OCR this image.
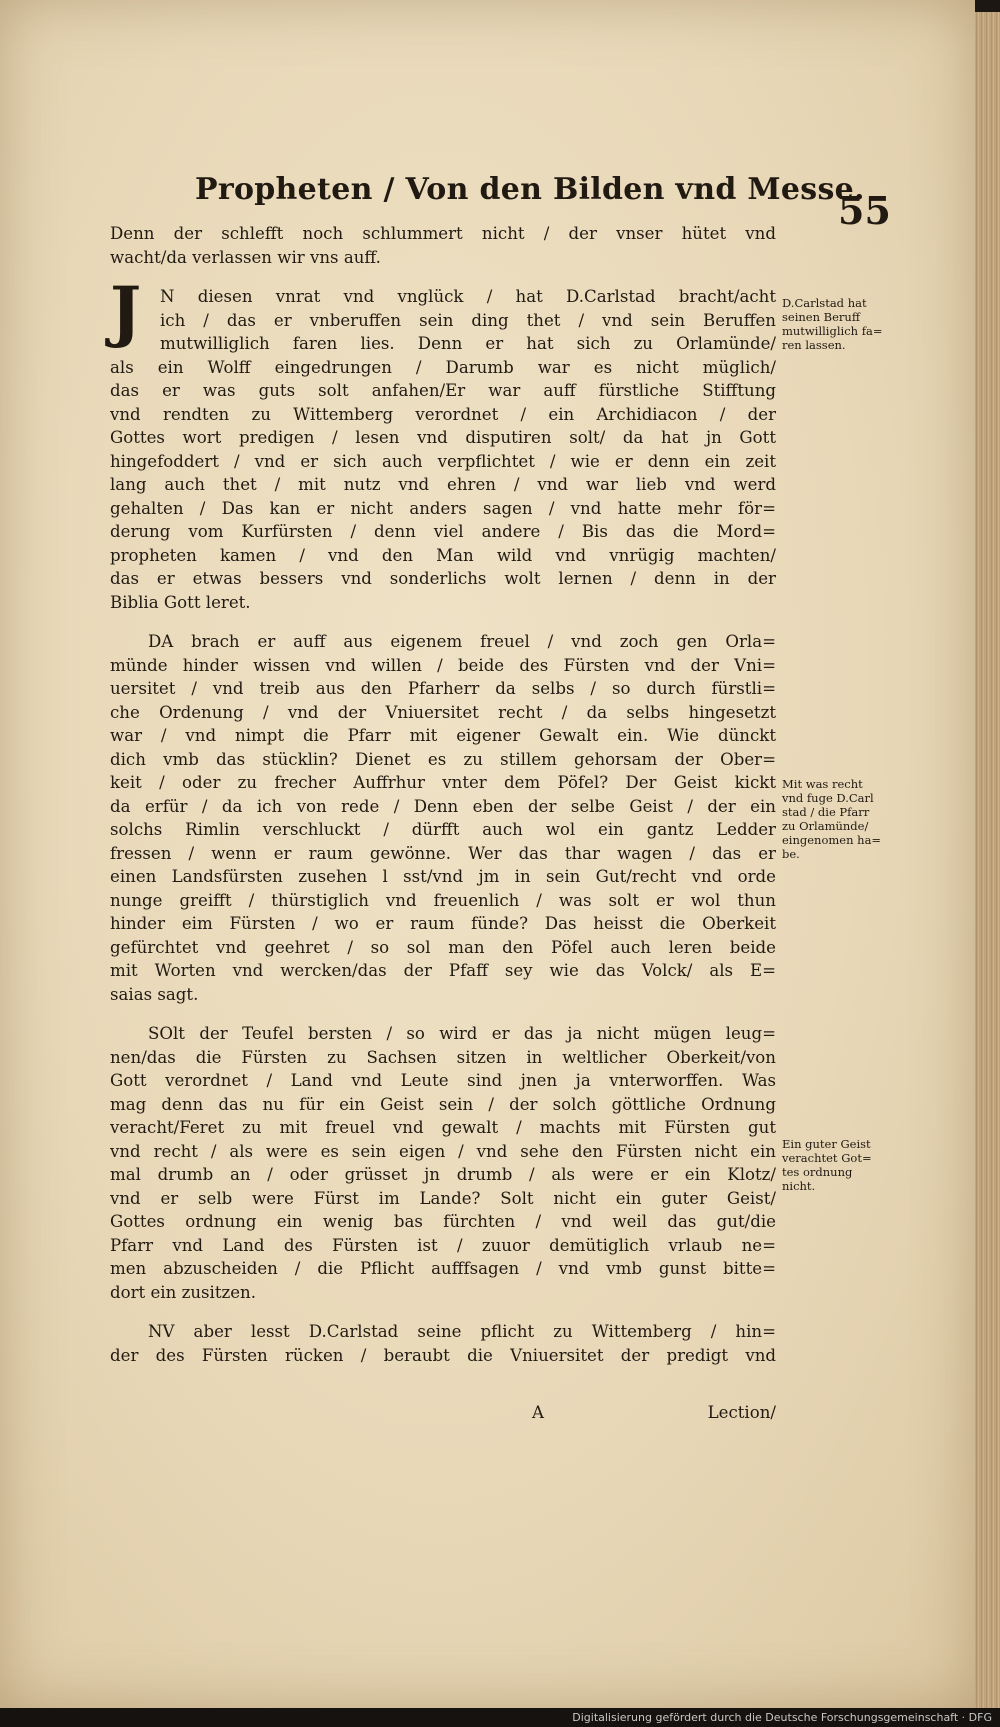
Propheten / Von den Bilden vnd Messe.
55
J
Denn der schlefft noch schlummert nicht / der vnser hütet vnd
wacht/da verlassen wir vns auff.
N diesen vnrat vnd vnglück / hat D.Carlstad bracht/acht
ich / das er vnberuffen sein ding thet / vnd sein Beruffen
mutwilliglich faren lies. Denn er hat sich zu Orlamünde/
als ein Wolff eingedrungen / Darumb war es nicht müglich/
das er was guts solt anfahen/Er war auff fürstliche Stifftung
vnd rendten zu Wittemberg verordnet / ein Archidiacon / der
Gottes wort predigen / lesen vnd disputiren solt/ da hat jn Gott
hingefoddert / vnd er sich auch verpflichtet / wie er denn ein zeit
lang auch thet / mit nutz vnd ehren / vnd war lieb vnd werd
gehalten / Das kan er nicht anders sagen / vnd hatte mehr för=
derung vom Kurfürsten / denn viel andere / Bis das die Mord=
propheten kamen / vnd den Man wild vnd vnrügig machten/
das er etwas bessers vnd sonderlichs wolt lernen / denn in der
Biblia Gott leret.
DA brach er auff aus eigenem freuel / vnd zoch gen Orla=
münde hinder wissen vnd willen / beide des Fürsten vnd der Vni=
uersitet / vnd treib aus den Pfarherr da selbs / so durch fürstli=
che Ordenung / vnd der Vniuersitet recht / da selbs hingesetzt
war / vnd nimpt die Pfarr mit eigener Gewalt ein. Wie dünckt
dich vmb das stücklin? Dienet es zu stillem gehorsam der Ober=
keit / oder zu frecher Auffrhur vnter dem Pöfel? Der Geist kickt
da erfür / da ich von rede / Denn eben der selbe Geist / der ein
solchs Rimlin verschluckt / dürfft auch wol ein gantz Ledder
fressen / wenn er raum gewönne. Wer das thar wagen / das er
einen Landsfürsten zusehen l sst/vnd jm in sein Gut/recht vnd orde
nunge greifft / thürstiglich vnd freuenlich / was solt er wol thun
hinder eim Fürsten / wo er raum fünde? Das heisst die Oberkeit
gefürchtet vnd geehret / so sol man den Pöfel auch leren beide
mit Worten vnd wercken/das der Pfaff sey wie das Volck/ als E=
saias sagt.
SOlt der Teufel bersten / so wird er das ja nicht mügen leug=
nen/das die Fürsten zu Sachsen sitzen in weltlicher Oberkeit/von
Gott verordnet / Land vnd Leute sind jnen ja vnterworffen. Was
mag denn das nu für ein Geist sein / der solch göttliche Ordnung
veracht/Feret zu mit freuel vnd gewalt / machts mit Fürsten gut
vnd recht / als were es sein eigen / vnd sehe den Fürsten nicht ein
mal drumb an / oder grüsset jn drumb / als were er ein Klotz/
vnd er selb were Fürst im Lande? Solt nicht ein guter Geist/
Gottes ordnung ein wenig bas fürchten / vnd weil das gut/die
Pfarr vnd Land des Fürsten ist / zuuor demütiglich vrlaub ne=
men abzuscheiden / die Pflicht aufffsagen / vnd vmb gunst bitte=
dort ein zusitzen.
NV aber lesst D.Carlstad seine pflicht zu Wittemberg / hin=
der des Fürsten rücken / beraubt die Vniuersitet der predigt vnd
A	Lection/
D.Carlstad hat
seinen Beruff
mutwilliglich fa=
ren lassen.
Mit was recht
vnd fuge D.Carl
stad / die Pfarr
zu Orlamünde/
eingenomen ha=
be.
Ein guter Geist
verachtet Got=
tes ordnung
nicht.
Digitalisierung gefördert durch die Deutsche Forschungsgemeinschaft · DFG
